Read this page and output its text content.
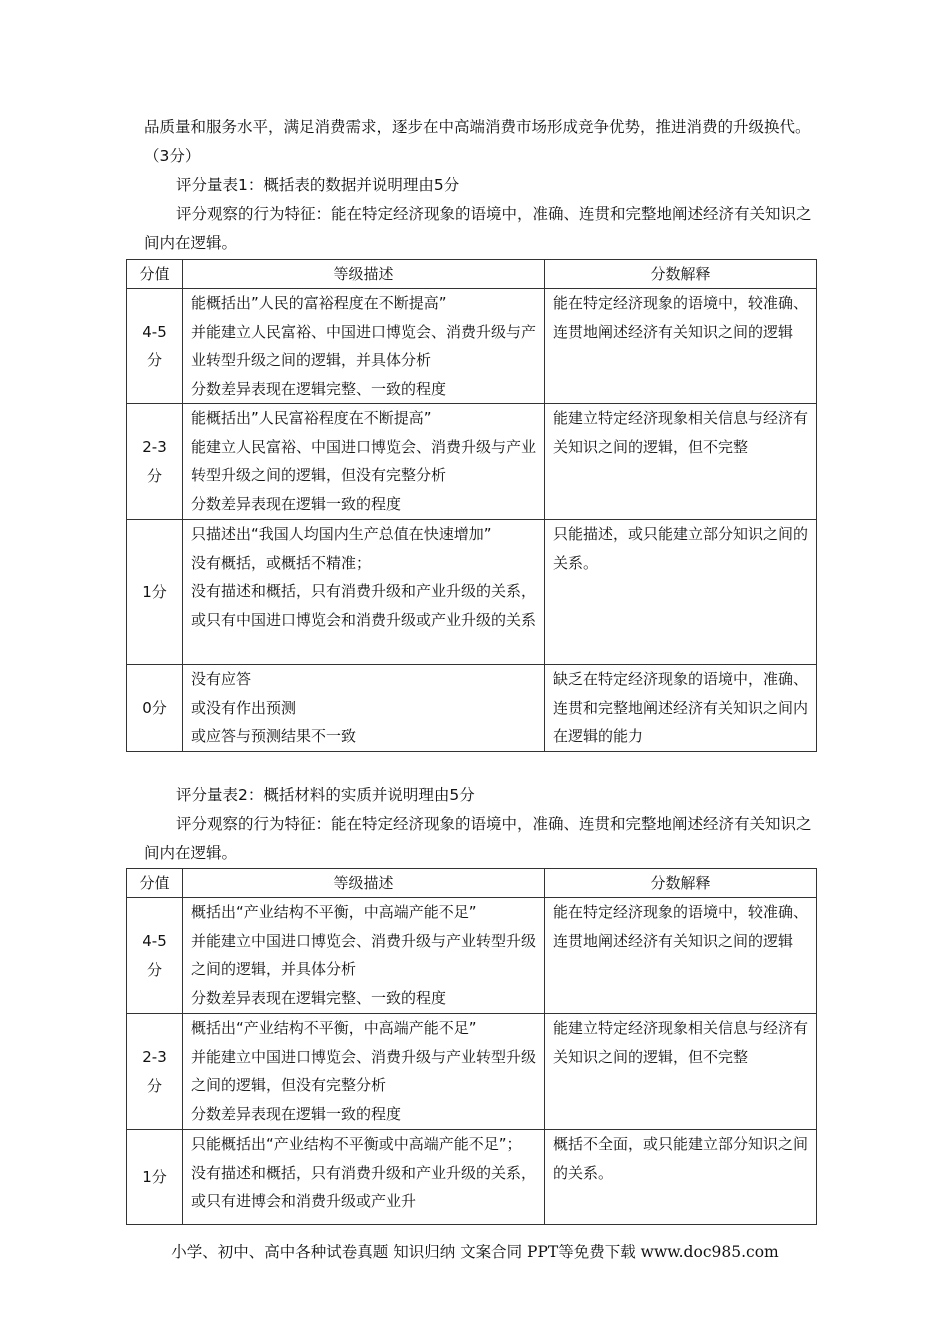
品质量和服务水平，满足消费需求，逐步在中高端消费市场形成竞争优势，推进消费的升级换代。（3分）

评分量表1：概括表的数据并说明理由5分

评分观察的行为特征：能在特定经济现象的语境中，准确、连贯和完整地阐述经济有关知识之间内在逻辑。

分值	等级描述	分数解释

4-5
分	能概括出”人民的富裕程度在不断提高”
并能建立人民富裕、中国进口博览会、消费升级与产业转型升级之间的逻辑，并具体分析
分数差异表现在逻辑完整、一致的程度	能在特定经济现象的语境中，较准确、连贯地阐述经济有关知识之间的逻辑

2-3
分	能概括出”人民富裕程度在不断提高”
能建立人民富裕、中国进口博览会、消费升级与产业转型升级之间的逻辑，但没有完整分析
分数差异表现在逻辑一致的程度	能建立特定经济现象相关信息与经济有关知识之间的逻辑，但不完整

1分	只描述出“我国人均国内生产总值在快速增加”
没有概括，或概括不精准；
没有描述和概括，只有消费升级和产业升级的关系，或只有中国进口博览会和消费升级或产业升级的关系	只能描述，或只能建立部分知识之间的关系。

0分	没有应答
或没有作出预测
或应答与预测结果不一致	缺乏在特定经济现象的语境中，准确、连贯和完整地阐述经济有关知识之间内在逻辑的能力

评分量表2：概括材料的实质并说明理由5分

评分观察的行为特征：能在特定经济现象的语境中，准确、连贯和完整地阐述经济有关知识之间内在逻辑。

分值	等级描述	分数解释

4-5
分	概括出“产业结构不平衡，中高端产能不足”
并能建立中国进口博览会、消费升级与产业转型升级之间的逻辑，并具体分析
分数差异表现在逻辑完整、一致的程度	能在特定经济现象的语境中，较准确、连贯地阐述经济有关知识之间的逻辑

2-3
分	概括出“产业结构不平衡，中高端产能不足”
并能建立中国进口博览会、消费升级与产业转型升级之间的逻辑，但没有完整分析
分数差异表现在逻辑一致的程度	能建立特定经济现象相关信息与经济有关知识之间的逻辑，但不完整

1分	只能概括出“产业结构不平衡或中高端产能不足”；没有描述和概括，只有消费升级和产业升级的关系，或只有进博会和消费升级或产业升	概括不全面，或只能建立部分知识之间的关系。
小学、初中、高中各种试卷真题 知识归纳 文案合同 PPT等免费下载 www.doc985.com
